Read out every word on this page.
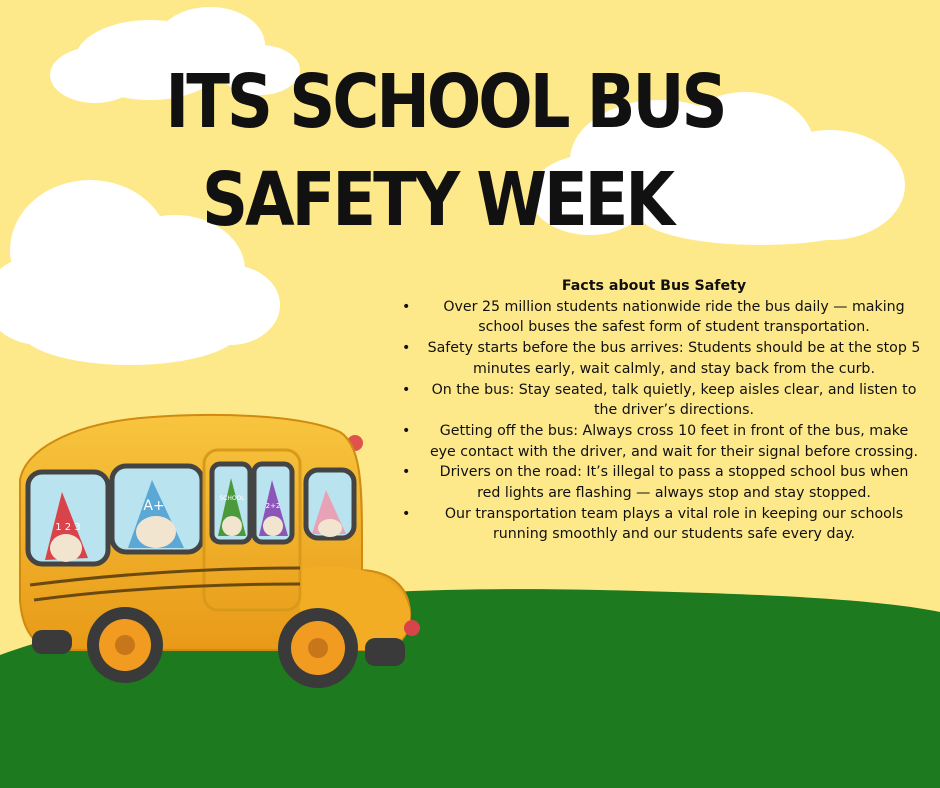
ITS SCHOOL BUS
SAFETY WEEK
1 2 3
A+	SCHOOL
2+2
Facts about Bus Safety
• Over 25 million students nationwide ride the bus daily — making school buses the safest form of student transportation.
• Safety starts before the bus arrives: Students should be at the stop 5 minutes early, wait calmly, and stay back from the curb.
• On the bus: Stay seated, talk quietly, keep aisles clear, and listen to the driver’s directions.
• Getting off the bus: Always cross 10 feet in front of the bus, make eye contact with the driver, and wait for their signal before crossing.
• Drivers on the road: It’s illegal to pass a stopped school bus when red lights are flashing — always stop and stay stopped.
• Our transportation team plays a vital role in keeping our schools running smoothly and our students safe every day.
